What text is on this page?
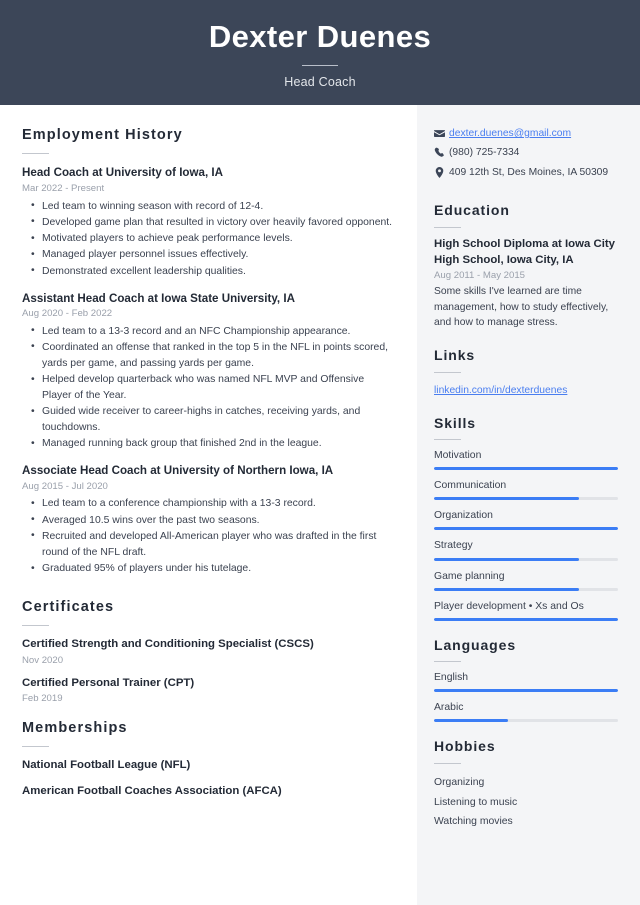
Dexter Duenes
Head Coach
Employment History
Head Coach at University of Iowa, IA
Mar 2022 - Present
• Led team to winning season with record of 12-4.
• Developed game plan that resulted in victory over heavily favored opponent.
• Motivated players to achieve peak performance levels.
• Managed player personnel issues effectively.
• Demonstrated excellent leadership qualities.
Assistant Head Coach at Iowa State University, IA
Aug 2020 - Feb 2022
• Led team to a 13-3 record and an NFC Championship appearance.
• Coordinated an offense that ranked in the top 5 in the NFL in points scored, yards per game, and passing yards per game.
• Helped develop quarterback who was named NFL MVP and Offensive Player of the Year.
• Guided wide receiver to career-highs in catches, receiving yards, and touchdowns.
• Managed running back group that finished 2nd in the league.
Associate Head Coach at University of Northern Iowa, IA
Aug 2015 - Jul 2020
• Led team to a conference championship with a 13-3 record.
• Averaged 10.5 wins over the past two seasons.
• Recruited and developed All-American player who was drafted in the first round of the NFL draft.
• Graduated 95% of players under his tutelage.
Certificates
Certified Strength and Conditioning Specialist (CSCS)
Nov 2020
Certified Personal Trainer (CPT)
Feb 2019
Memberships
National Football League (NFL)
American Football Coaches Association (AFCA)
dexter.duenes@gmail.com
(980) 725-7334
409 12th St, Des Moines, IA 50309
Education
High School Diploma at Iowa City High School, Iowa City, IA
Aug 2011 - May 2015
Some skills I've learned are time management, how to study effectively, and how to manage stress.
Links
linkedin.com/in/dexterduenes
Skills
Motivation
Communication
Organization
Strategy
Game planning
Player development • Xs and Os
Languages
English
Arabic
Hobbies
Organizing
Listening to music
Watching movies
